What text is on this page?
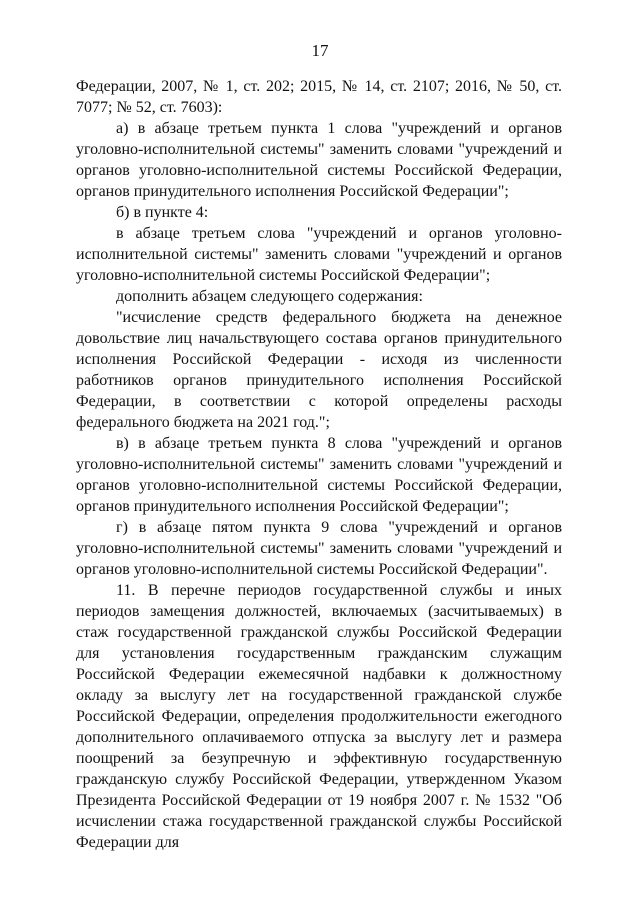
17

Федерации, 2007, № 1, ст. 202; 2015, № 14, ст. 2107; 2016, № 50, ст. 7077; № 52, ст. 7603):

а) в абзаце третьем пункта 1 слова "учреждений и органов уголовно-исполнительной системы" заменить словами "учреждений и органов уголовно-исполнительной системы Российской Федерации, органов принудительного исполнения Российской Федерации";

б) в пункте 4:

в абзаце третьем слова "учреждений и органов уголовно-исполнительной системы" заменить словами "учреждений и органов уголовно-исполнительной системы Российской Федерации";

дополнить абзацем следующего содержания:

"исчисление средств федерального бюджета на денежное довольствие лиц начальствующего состава органов принудительного исполнения Российской Федерации - исходя из численности работников органов принудительного исполнения Российской Федерации, в соответствии с которой определены расходы федерального бюджета на 2021 год.";

в) в абзаце третьем пункта 8 слова "учреждений и органов уголовно-исполнительной системы" заменить словами "учреждений и органов уголовно-исполнительной системы Российской Федерации, органов принудительного исполнения Российской Федерации";

г) в абзаце пятом пункта 9 слова "учреждений и органов уголовно-исполнительной системы" заменить словами "учреждений и органов уголовно-исполнительной системы Российской Федерации".

11. В перечне периодов государственной службы и иных периодов замещения должностей, включаемых (засчитываемых) в стаж государственной гражданской службы Российской Федерации для установления государственным гражданским служащим Российской Федерации ежемесячной надбавки к должностному окладу за выслугу лет на государственной гражданской службе Российской Федерации, определения продолжительности ежегодного дополнительного оплачиваемого отпуска за выслугу лет и размера поощрений за безупречную и эффективную государственную гражданскую службу Российской Федерации, утвержденном Указом Президента Российской Федерации от 19 ноября 2007 г. № 1532 "Об исчислении стажа государственной гражданской службы Российской Федерации для
